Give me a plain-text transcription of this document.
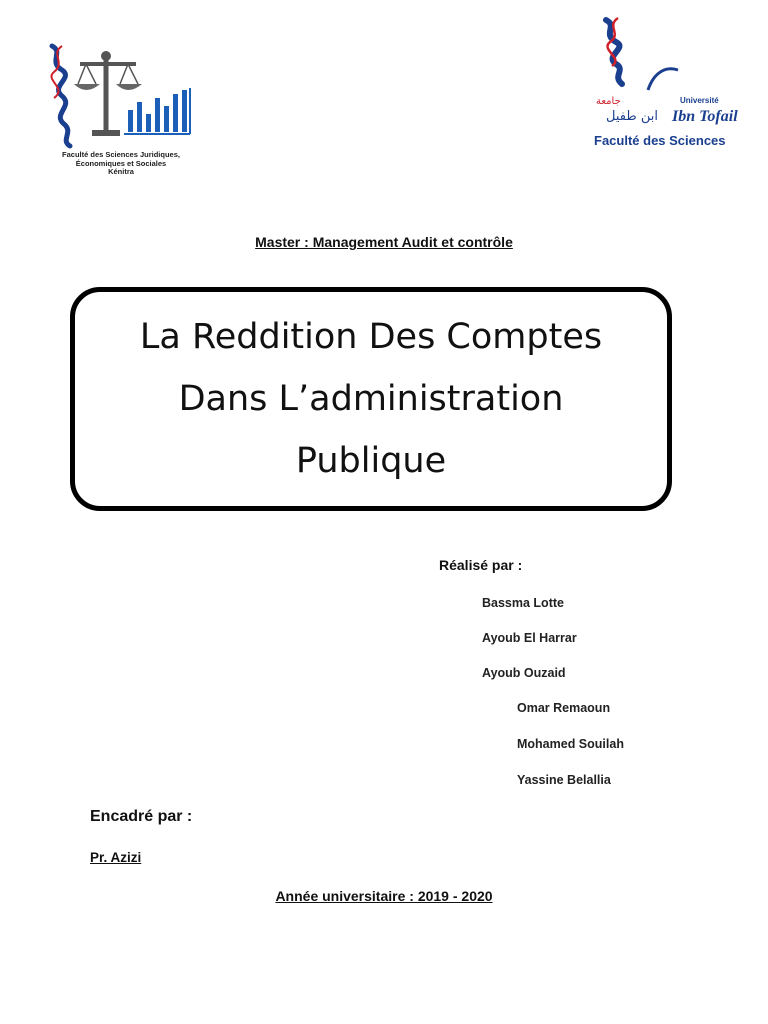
Faculté des Sciences Juridiques,
Économiques et Sociales
Kénitra
جامعة	Université
ابن طفيل Ibn Tofail
Faculté des Sciences
Master : Management Audit et contrôle
La Reddition Des Comptes
Dans L’administration
Publique
Réalisé par :
Bassma Lotte
Ayoub El Harrar
Ayoub Ouzaid
Omar Remaoun
Mohamed Souilah
Yassine Belallia
Encadré par :
Pr. Azizi
Année universitaire : 2019 - 2020
